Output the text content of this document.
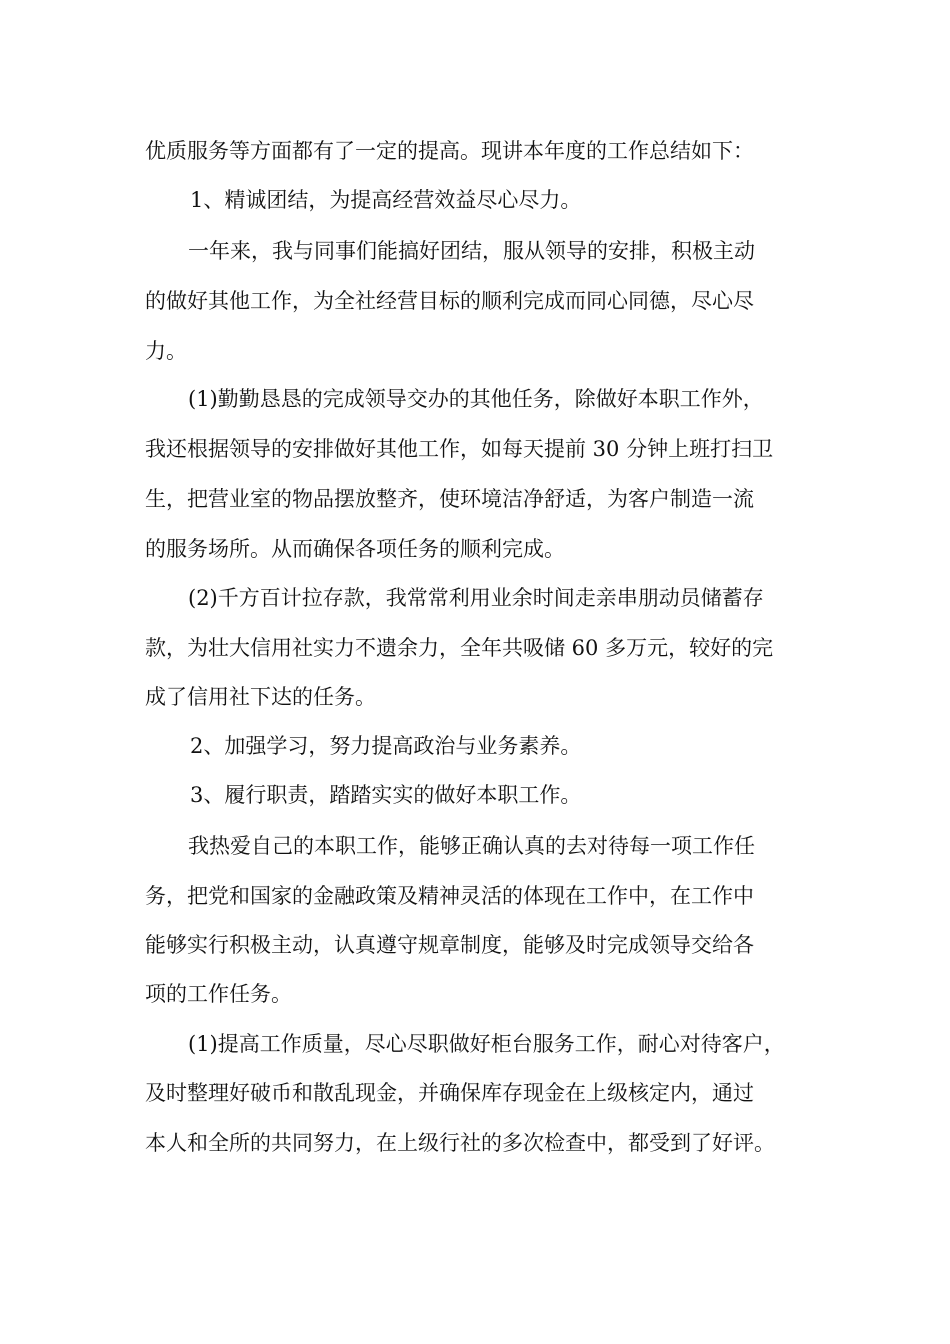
优质服务等方面都有了一定的提高。现讲本年度的工作总结如下：

1、精诚团结，为提高经营效益尽心尽力。

一年来，我与同事们能搞好团结，服从领导的安排，积极主动

的做好其他工作，为全社经营目标的顺利完成而同心同德，尽心尽

力。

(1)勤勤恳恳的完成领导交办的其他任务，除做好本职工作外，

我还根据领导的安排做好其他工作，如每天提前 30 分钟上班打扫卫

生，把营业室的物品摆放整齐，使环境洁净舒适，为客户制造一流

的服务场所。从而确保各项任务的顺利完成。

(2)千方百计拉存款，我常常利用业余时间走亲串朋动员储蓄存

款，为壮大信用社实力不遗余力，全年共吸储 60 多万元，较好的完

成了信用社下达的任务。

2、加强学习，努力提高政治与业务素养。

3、履行职责，踏踏实实的做好本职工作。

我热爱自己的本职工作，能够正确认真的去对待每一项工作任

务，把党和国家的金融政策及精神灵活的体现在工作中，在工作中

能够实行积极主动，认真遵守规章制度，能够及时完成领导交给各

项的工作任务。

(1)提高工作质量，尽心尽职做好柜台服务工作，耐心对待客户，

及时整理好破币和散乱现金，并确保库存现金在上级核定内，通过

本人和全所的共同努力，在上级行社的多次检查中，都受到了好评。
